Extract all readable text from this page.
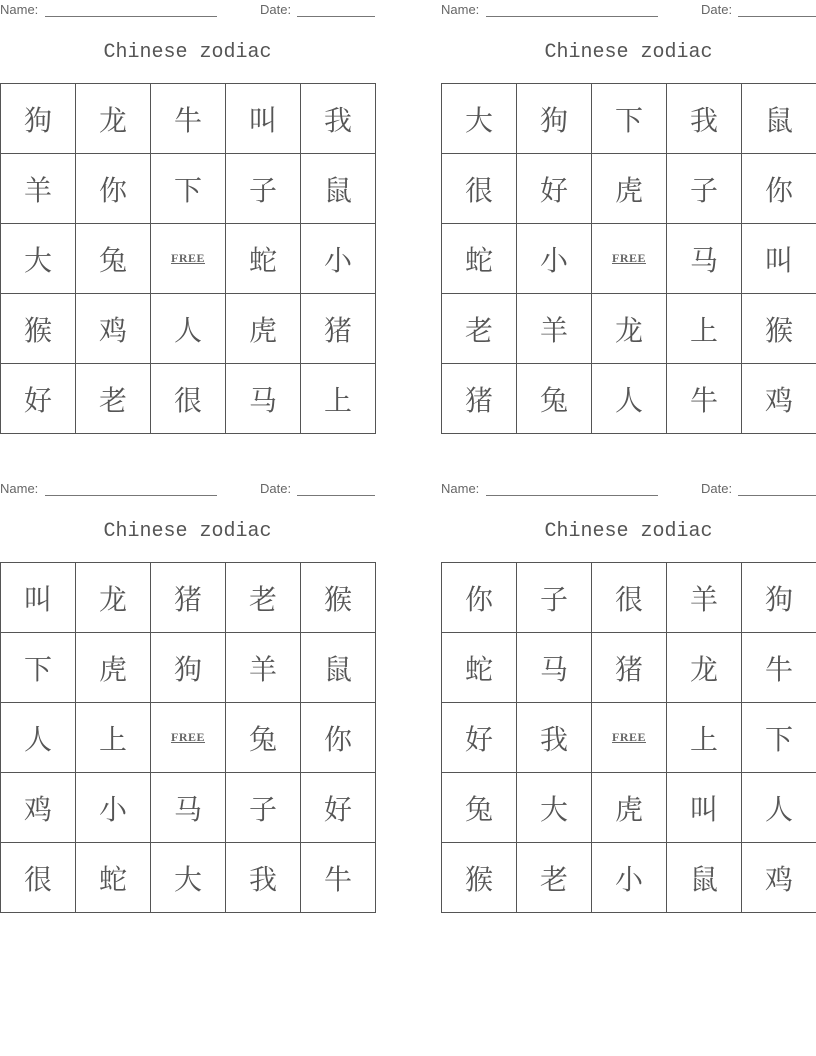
Name:	Date:
Chinese zodiac
狗	龙	牛	叫	我
羊	你	下	子	鼠
大	兔	FREE	蛇	小
猴	鸡	人	虎	猪
好	老	很	马	上
Name:	Date:
Chinese zodiac
大	狗	下	我	鼠
很	好	虎	子	你
蛇	小	FREE	马	叫
老	羊	龙	上	猴
猪	兔	人	牛	鸡
Name:	Date:
Chinese zodiac
叫	龙	猪	老	猴
下	虎	狗	羊	鼠
人	上	FREE	兔	你
鸡	小	马	子	好
很	蛇	大	我	牛
Name:	Date:
Chinese zodiac
你	子	很	羊	狗
蛇	马	猪	龙	牛
好	我	FREE	上	下
兔	大	虎	叫	人
猴	老	小	鼠	鸡
